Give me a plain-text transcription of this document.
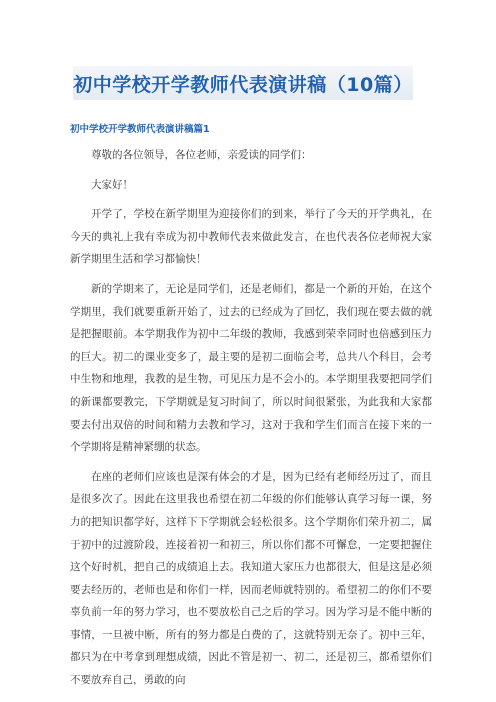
初中学校开学教师代表演讲稿（10篇）
初中学校开学教师代表演讲稿篇1

尊敬的各位领导，各位老师，亲爱读的同学们：

大家好！

开学了，学校在新学期里为迎接你们的到来，举行了今天的开学典礼，在今天的典礼上我有幸成为初中教师代表来做此发言，在也代表各位老师祝大家新学期里生活和学习都愉快！

新的学期来了，无论是同学们，还是老师们，都是一个新的开始，在这个学期里，我们就要重新开始了，过去的已经成为了回忆，我们现在要去做的就是把握眼前。本学期我作为初中二年级的教师，我感到荣幸同时也倍感到压力的巨大。初二的课业变多了，最主要的是初二面临会考，总共八个科目，会考中生物和地理，我教的是生物，可见压力是不会小的。本学期里我要把同学们的新课都要教完，下学期就是复习时间了，所以时间很紧张，为此我和大家都要去付出双倍的时间和精力去教和学习，这对于我和学生们而言在接下来的一个学期将是精神紧绷的状态。

在座的老师们应该也是深有体会的才是，因为已经有老师经历过了，而且是很多次了。因此在这里我也希望在初二年级的你们能够认真学习每一课，努力的把知识都学好，这样下下学期就会轻松很多。这个学期你们荣升初二，属于初中的过渡阶段，连接着初一和初三，所以你们都不可懈怠，一定要把握住这个好时机，把自己的成绩追上去。我知道大家压力也都很大，但是这是必须要去经历的，老师也是和你们一样，因而老师就特别的。希望初二的你们不要辜负前一年的努力学习，也不要放松自己之后的学习。因为学习是不能中断的事情，一旦被中断，所有的努力都是白费的了，这就特别无奈了。初中三年，都只为在中考拿到理想成绩，因此不管是初一、初二，还是初三，都希望你们不要放弃自己，勇敢的向
